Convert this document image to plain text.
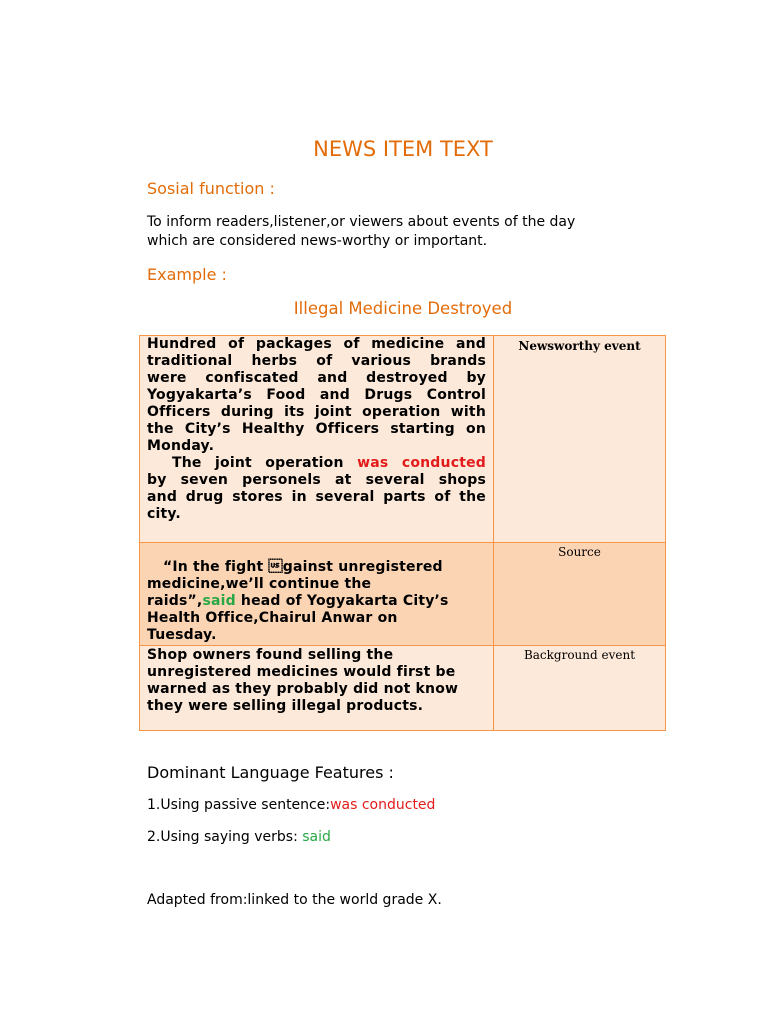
NEWS ITEM TEXT
Sosial function :
To inform readers,listener,or viewers about events of the day
which are considered news-worthy or important.
Example :
Illegal Medicine Destroyed
Hundred of packages of medicine and
traditional herbs of various brands
were confiscated and destroyed by
Yogyakarta’s Food and Drugs Control
Officers during its joint operation with
the City’s Healthy Officers starting on
Monday.
The joint operation was conducted
by seven personels at several shops
and drug stores in several parts of the
city.
Newsworthy event
“In the fight gainst unregistered
medicine,we’ll continue the
raids”,said head of Yogyakarta City’s
Health Office,Chairul Anwar on
Tuesday.
Source
Shop owners found selling the
unregistered medicines would first be
warned as they probably did not know
they were selling illegal products.
Background event
Dominant Language Features :
1.Using passive sentence:was conducted
2.Using saying verbs: said
Adapted from:linked to the world grade X.
